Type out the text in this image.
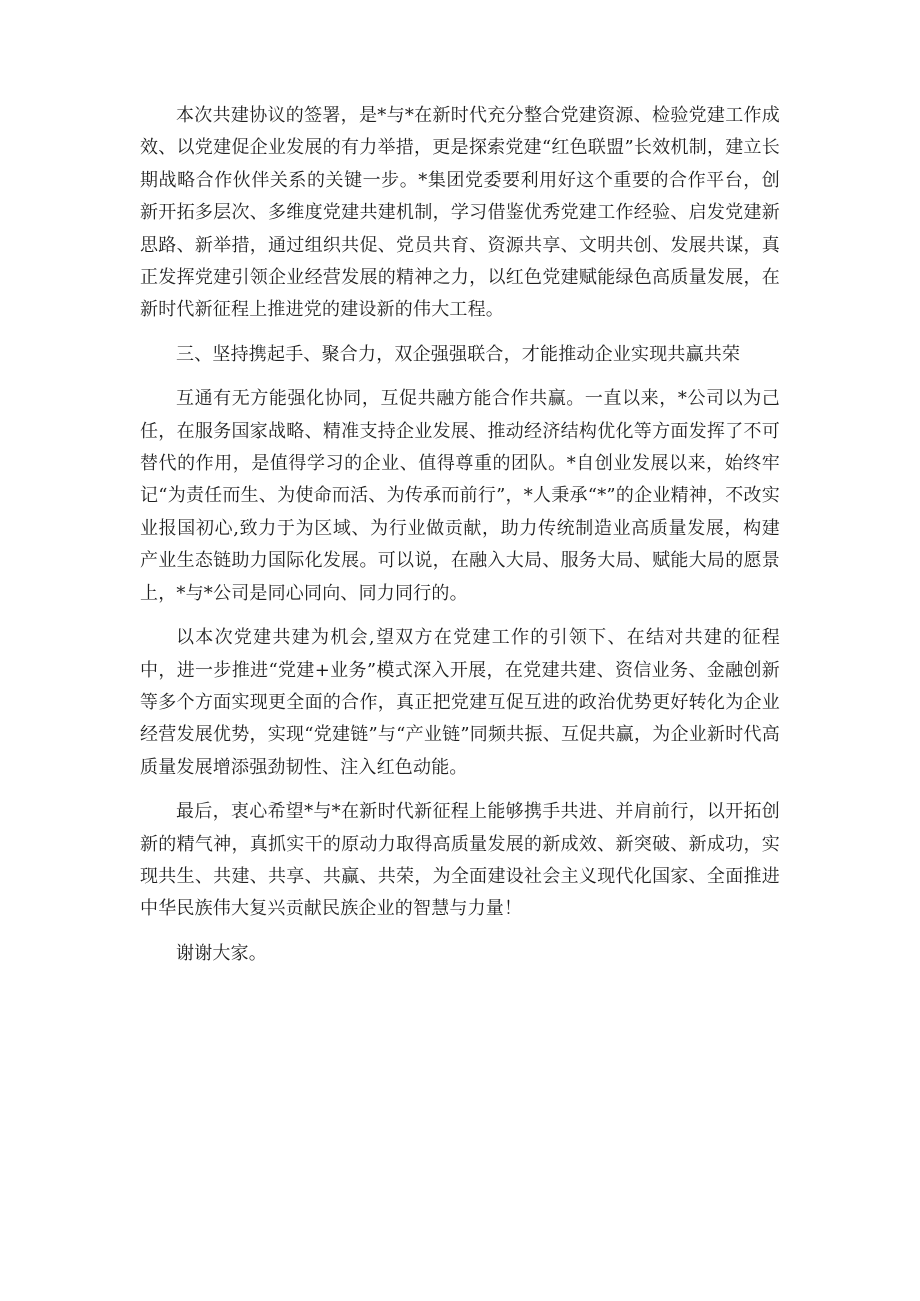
本次共建协议的签署，是*与*在新时代充分整合党建资源、检验党建工作成效、以党建促企业发展的有力举措，更是探索党建“红色联盟”长效机制，建立长期战略合作伙伴关系的关键一步。*集团党委要利用好这个重要的合作平台，创新开拓多层次、多维度党建共建机制，学习借鉴优秀党建工作经验、启发党建新思路、新举措，通过组织共促、党员共育、资源共享、文明共创、发展共谋，真正发挥党建引领企业经营发展的精神之力，以红色党建赋能绿色高质量发展，在新时代新征程上推进党的建设新的伟大工程。

三、坚持携起手、聚合力，双企强强联合，才能推动企业实现共赢共荣

互通有无方能强化协同，互促共融方能合作共赢。一直以来，*公司以为己任，在服务国家战略、精准支持企业发展、推动经济结构优化等方面发挥了不可替代的作用，是值得学习的企业、值得尊重的团队。*自创业发展以来，始终牢记“为责任而生、为使命而活、为传承而前行”，*人秉承“*”的企业精神，不改实业报国初心,致力于为区域、为行业做贡献，助力传统制造业高质量发展，构建产业生态链助力国际化发展。可以说，在融入大局、服务大局、赋能大局的愿景上，*与*公司是同心同向、同力同行的。

以本次党建共建为机会,望双方在党建工作的引领下、在结对共建的征程中，进一步推进“党建+业务”模式深入开展，在党建共建、资信业务、金融创新等多个方面实现更全面的合作，真正把党建互促互进的政治优势更好转化为企业经营发展优势，实现“党建链”与“产业链”同频共振、互促共赢，为企业新时代高质量发展增添强劲韧性、注入红色动能。

最后，衷心希望*与*在新时代新征程上能够携手共进、并肩前行，以开拓创新的精气神，真抓实干的原动力取得高质量发展的新成效、新突破、新成功，实现共生、共建、共享、共赢、共荣，为全面建设社会主义现代化国家、全面推进中华民族伟大复兴贡献民族企业的智慧与力量！

谢谢大家。
